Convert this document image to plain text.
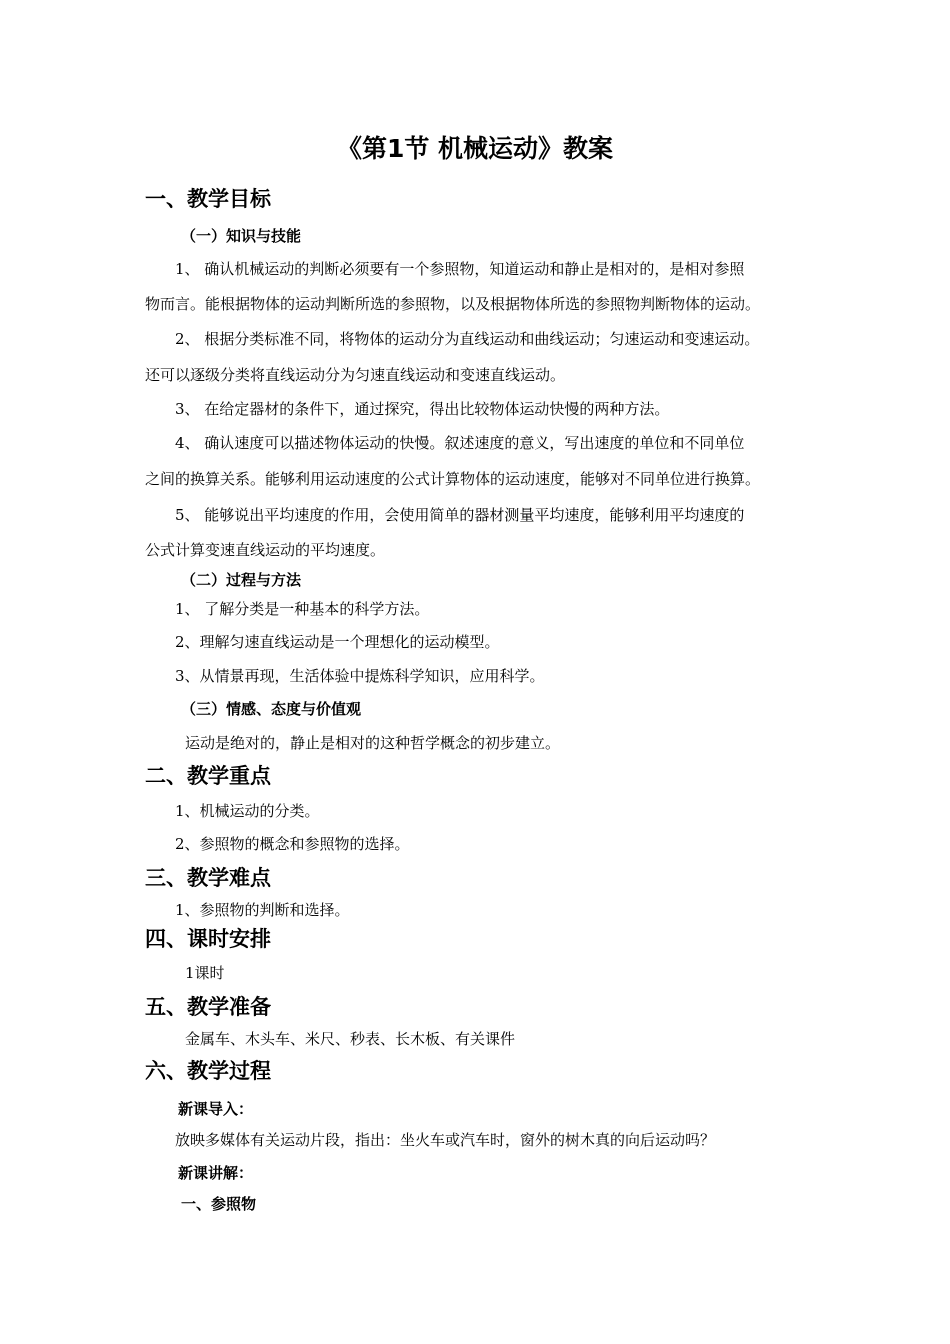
《第1节 机械运动》教案
一、教学目标
（一）知识与技能

1、 确认机械运动的判断必须要有一个参照物，知道运动和静止是相对的，是相对参照

物而言。能根据物体的运动判断所选的参照物，以及根据物体所选的参照物判断物体的运动。

2、 根据分类标准不同，将物体的运动分为直线运动和曲线运动；匀速运动和变速运动。

还可以逐级分类将直线运动分为匀速直线运动和变速直线运动。

3、 在给定器材的条件下，通过探究，得出比较物体运动快慢的两种方法。

4、 确认速度可以描述物体运动的快慢。叙述速度的意义，写出速度的单位和不同单位

之间的换算关系。能够利用运动速度的公式计算物体的运动速度，能够对不同单位进行换算。

5、 能够说出平均速度的作用，会使用简单的器材测量平均速度，能够利用平均速度的

公式计算变速直线运动的平均速度。

（二）过程与方法

1、 了解分类是一种基本的科学方法。

2、理解匀速直线运动是一个理想化的运动模型。

3、从情景再现，生活体验中提炼科学知识，应用科学。

（三）情感、态度与价值观

运动是绝对的，静止是相对的这种哲学概念的初步建立。

二、教学重点

1、机械运动的分类。

2、参照物的概念和参照物的选择。

三、教学难点

1、参照物的判断和选择。

四、课时安排

1课时

五、教学准备

金属车、木头车、米尺、秒表、长木板、有关课件

六、教学过程
新课导入：

放映多媒体有关运动片段，指出：坐火车或汽车时，窗外的树木真的向后运动吗？

新课讲解：
一、参照物
